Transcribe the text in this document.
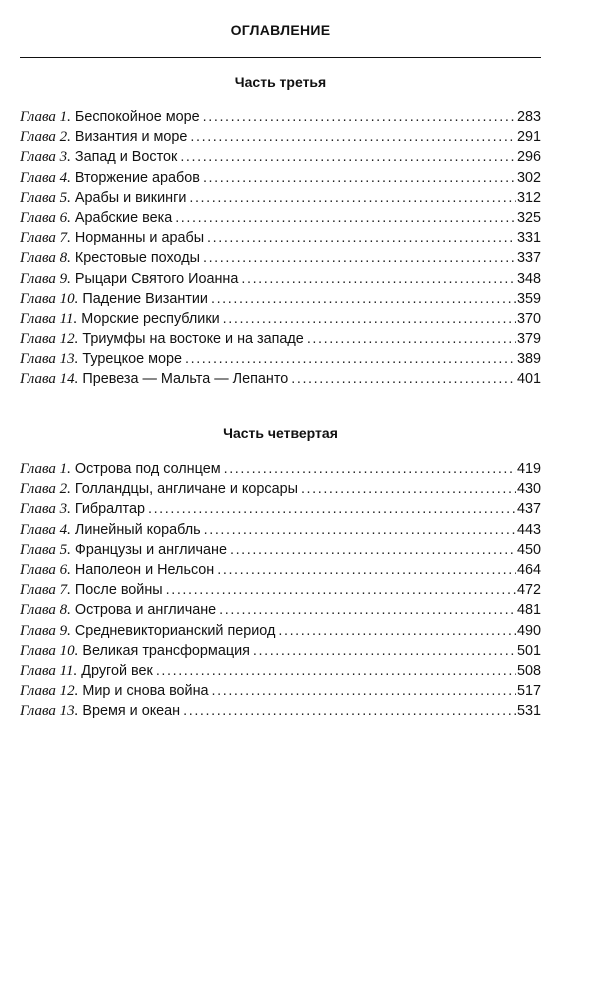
ОГЛАВЛЕНИЕ
Часть третья
Глава 1. Беспокойное море . . .	283
Глава 2. Византия и море . . .	291
Глава 3. Запад и Восток . . .	296
Глава 4. Вторжение арабов . . .	302
Глава 5. Арабы и викинги . . .	312
Глава 6. Арабские века . . .	325
Глава 7. Норманны и арабы . . .	331
Глава 8. Крестовые походы . . .	337
Глава 9. Рыцари Святого Иоанна . . .	348
Глава 10. Падение Византии . . .	359
Глава 11. Морские республики . . .	370
Глава 12. Триумфы на востоке и на западе . . .	379
Глава 13. Турецкое море . . .	389
Глава 14. Превеза — Мальта — Лепанто . . .	401
Часть четвертая
Глава 1. Острова под солнцем . . .	419
Глава 2. Голландцы, англичане и корсары . . .	430
Глава 3. Гибралтар . . .	437
Глава 4. Линейный корабль . . .	443
Глава 5. Французы и англичане . . .	450
Глава 6. Наполеон и Нельсон . . .	464
Глава 7. После войны . . .	472
Глава 8. Острова и англичане . . .	481
Глава 9. Средневикторианский период . . .	490
Глава 10. Великая трансформация . . .	501
Глава 11. Другой век . . .	508
Глава 12. Мир и снова война . . .	517
Глава 13. Время и океан . . .	531
